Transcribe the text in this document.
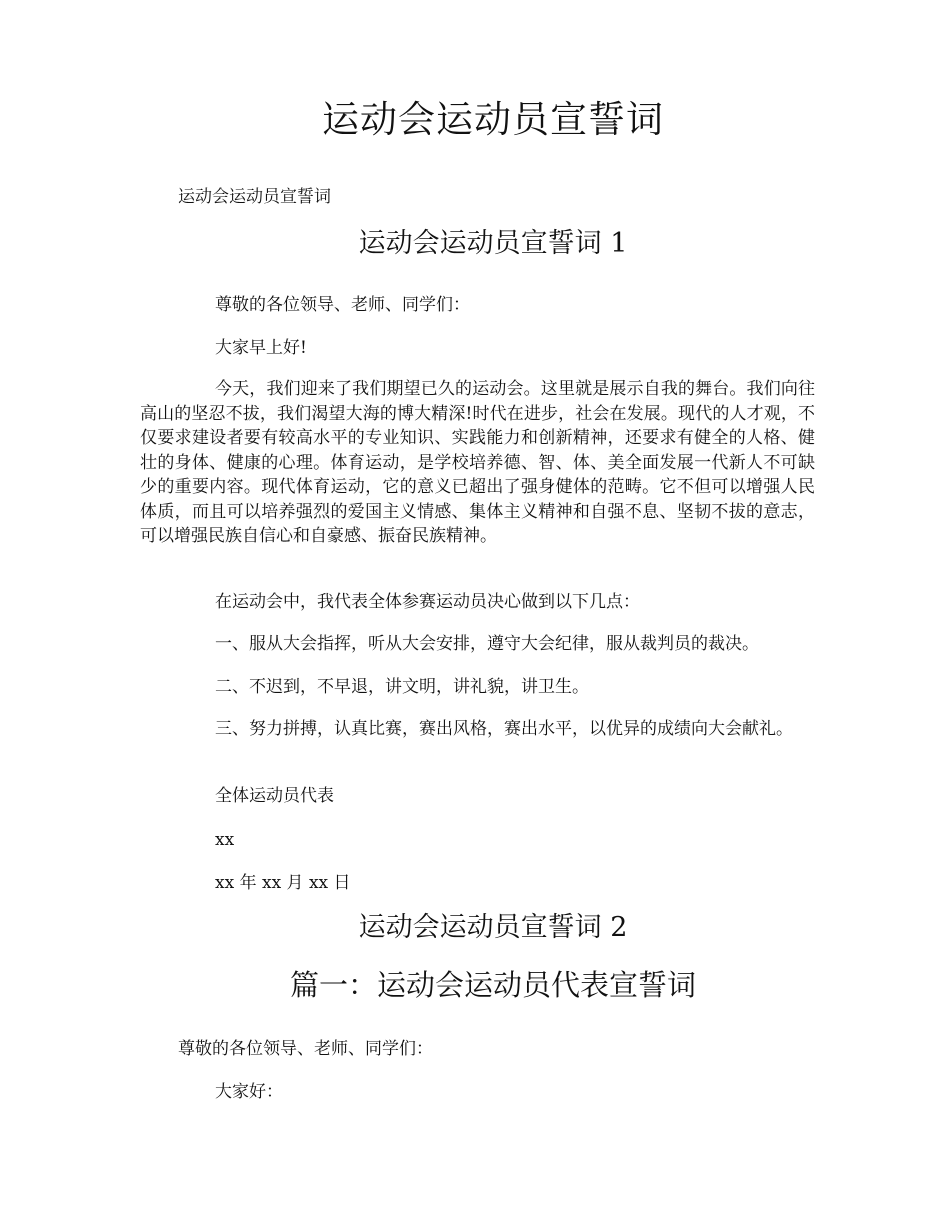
运动会运动员宣誓词
运动会运动员宣誓词
运动会运动员宣誓词 1
尊敬的各位领导、老师、同学们：
大家早上好!
今天，我们迎来了我们期望已久的运动会。这里就是展示自我的舞台。我们向往高山的坚忍不拔，我们渴望大海的博大精深!时代在进步，社会在发展。现代的人才观，不仅要求建设者要有较高水平的专业知识、实践能力和创新精神，还要求有健全的人格、健壮的身体、健康的心理。体育运动，是学校培养德、智、体、美全面发展一代新人不可缺少的重要内容。现代体育运动，它的意义已超出了强身健体的范畴。它不但可以增强人民体质，而且可以培养强烈的爱国主义情感、集体主义精神和自强不息、坚韧不拔的意志，可以增强民族自信心和自豪感、振奋民族精神。
在运动会中，我代表全体参赛运动员决心做到以下几点：
一、服从大会指挥，听从大会安排，遵守大会纪律，服从裁判员的裁决。
二、不迟到，不早退，讲文明，讲礼貌，讲卫生。
三、努力拼搏，认真比赛，赛出风格，赛出水平，以优异的成绩向大会献礼。
全体运动员代表
xx
xx 年 xx 月 xx 日
运动会运动员宣誓词 2
篇一：运动会运动员代表宣誓词
尊敬的各位领导、老师、同学们：
大家好：
